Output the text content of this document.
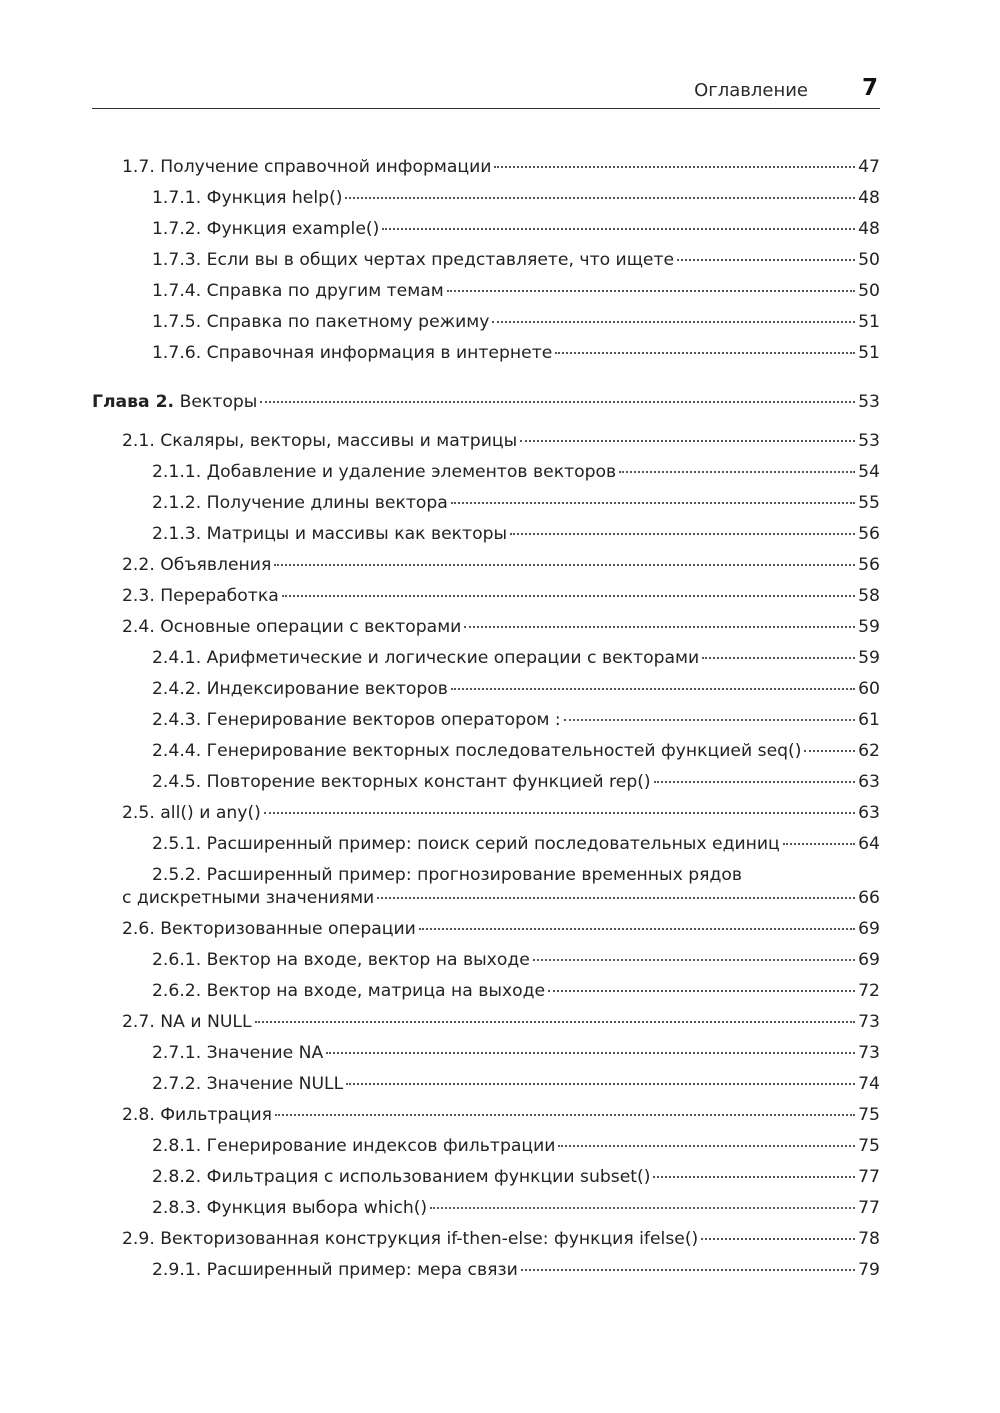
Оглавление 7
1.7. Получение справочной информации	47
1.7.1. Функция help()	48
1.7.2. Функция example()	48
1.7.3. Если вы в общих чертах представляете, что ищете	50
1.7.4. Справка по другим темам	50
1.7.5. Справка по пакетному режиму	51
1.7.6. Справочная информация в интернете	51
Глава 2.
Векторы	53
2.1. Скаляры, векторы, массивы и матрицы	53
2.1.1. Добавление и удаление элементов векторов	54
2.1.2. Получение длины вектора	55
2.1.3. Матрицы и массивы как векторы	56
2.2. Объявления	56
2.3. Переработка	58
2.4. Основные операции с векторами	59
2.4.1. Арифметические и логические операции с векторами	59
2.4.2. Индексирование векторов	60
2.4.3. Генерирование векторов оператором :	61
2.4.4. Генерирование векторных последовательностей функцией seq()	62
2.4.5. Повторение векторных констант функцией rep()	63
2.5. all() и any()	63
2.5.1. Расширенный пример: поиск серий последовательных единиц	64
2.5.2. Расширенный пример: прогнозирование временных рядов
с дискретными значениями	66
2.6. Векторизованные операции	69
2.6.1. Вектор на входе, вектор на выходе	69
2.6.2. Вектор на входе, матрица на выходе	72
2.7. NA и NULL	73
2.7.1. Значение NA	73
2.7.2. Значение NULL	74
2.8. Фильтрация	75
2.8.1. Генерирование индексов фильтрации	75
2.8.2. Фильтрация с использованием функции subset()	77
2.8.3. Функция выбора which()	77
2.9. Векторизованная конструкция if-then-else: функция ifelse()	78
2.9.1. Расширенный пример: мера связи	79
